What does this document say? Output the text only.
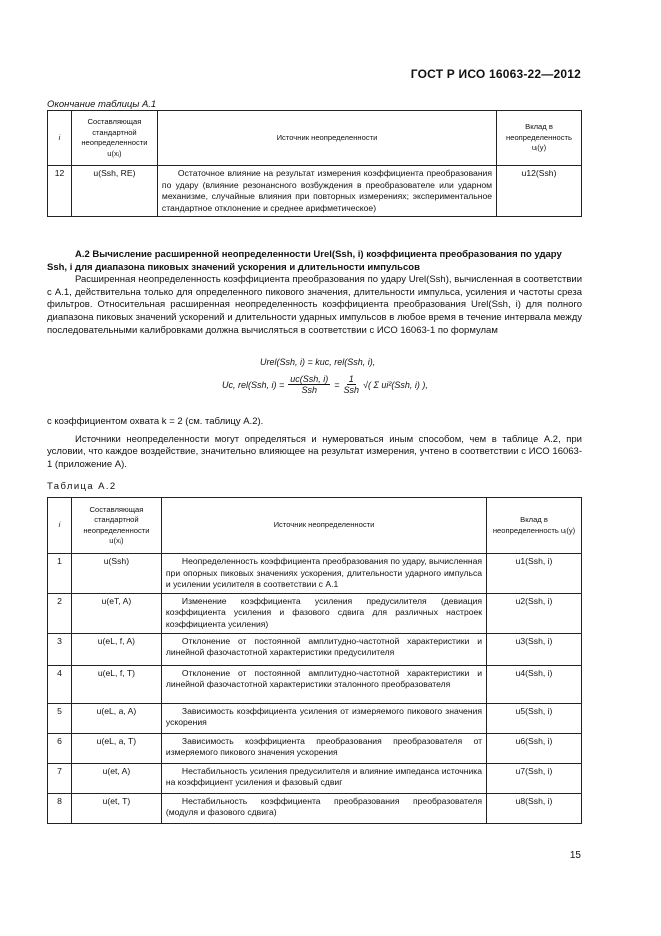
ГОСТ Р ИСО 16063-22—2012
Окончание таблицы А.1
i	Составляющая стандартной неопределенности u(xᵢ)	Источник неопределенности	Вклад в неопределенность uᵢ(y)
12	u(Ssh, RE)	Остаточное влияние на результат измерения коэффициента преобразования по удару (влияние резонансного возбуждения в преобразователе или ударном механизме, случайные влияния при повторных измерениях; экспериментальное стандартное отклонение и среднее арифметическое)	u12(Ssh)
А.2 Вычисление расширенной неопределенности Urel(Ssh, i) коэффициента преобразования по удару Ssh, i для диапазона пиковых значений ускорения и длительности импульсов

Расширенная неопределенность коэффициента преобразования по удару Urel(Ssh), вычисленная в соответствии с А.1, действительна только для определенного пикового значения, длительности импульса, усиления и частоты среза фильтров. Относительная расширенная неопределенность коэффициента преобразования Urel(Ssh, i) для полного диапазона пиковых значений ускорений и длительности ударных импульсов в любое время в течение интервала между последовательными калибровками должна вычисляться в соответствии с ИСО 16063-1 по формулам

Urel(Ssh, i) = kuc, rel(Ssh, i),
Uc, rel(Ssh, i) =
uc(Ssh, i)
Ssh
=
1
Ssh
√( Σ ui²(Ssh, i) ),
с коэффициентом охвата k = 2 (см. таблицу А.2).

Источники неопределенности могут определяться и нумероваться иным способом, чем в таблице А.2, при условии, что каждое воздействие, значительно влияющее на результат измерения, учтено в соответствии с ИСО 16063-1 (приложение А).

Таблица А.2
i	Составляющая стандартной неопределенности u(xᵢ)	Источник неопределенности	Вклад в неопределенность uᵢ(y)
1	u(Ssh)	Неопределенность коэффициента преобразования по удару, вычисленная при опорных пиковых значениях ускорения, длительности ударного импульса и усилении усилителя в соответствии с А.1	u1(Ssh, i)
2	u(eT, A)	Изменение коэффициента усиления предусилителя (девиация коэффициента усиления и фазового сдвига для различных настроек коэффициента усиления)	u2(Ssh, i)
3	u(eL, f, A)	Отклонение от постоянной амплитудно-частотной характеристики и линейной фазочастотной характеристики предусилителя	u3(Ssh, i)
4	u(eL, f, T)	Отклонение от постоянной амплитудно-частотной характеристики и линейной фазочастотной характеристики эталонного преобразователя	u4(Ssh, i)
5	u(eL, a, A)	Зависимость коэффициента усиления от измеряемого пикового значения ускорения	u5(Ssh, i)
6	u(eL, a, T)	Зависимость коэффициента преобразования преобразователя от измеряемого пикового значения ускорения	u6(Ssh, i)
7	u(et, A)	Нестабильность усиления предусилителя и влияние импеданса источника на коэффициент усиления и фазовый сдвиг	u7(Ssh, i)
8	u(et, T)	Нестабильность коэффициента преобразования преобразователя (модуля и фазового сдвига)	u8(Ssh, i)
15
